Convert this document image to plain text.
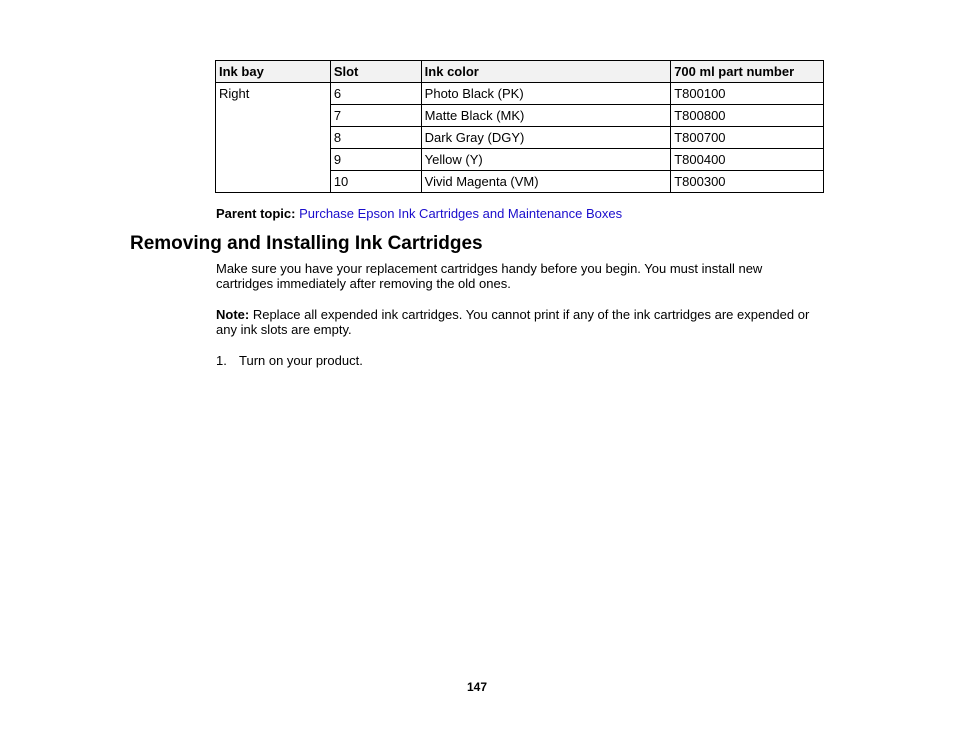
Ink bay	Slot	Ink color	700 ml part number
Right	6	Photo Black (PK)	T800100
	7	Matte Black (MK)	T800800
	8	Dark Gray (DGY)	T800700
	9	Yellow (Y)	T800400
	10	Vivid Magenta (VM)	T800300
Parent topic: Purchase Epson Ink Cartridges and Maintenance Boxes
Removing and Installing Ink Cartridges

Make sure you have your replacement cartridges handy before you begin. You must install new cartridges immediately after removing the old ones.

Note: Replace all expended ink cartridges. You cannot print if any of the ink cartridges are expended or any ink slots are empty.

1. Turn on your product.
147
